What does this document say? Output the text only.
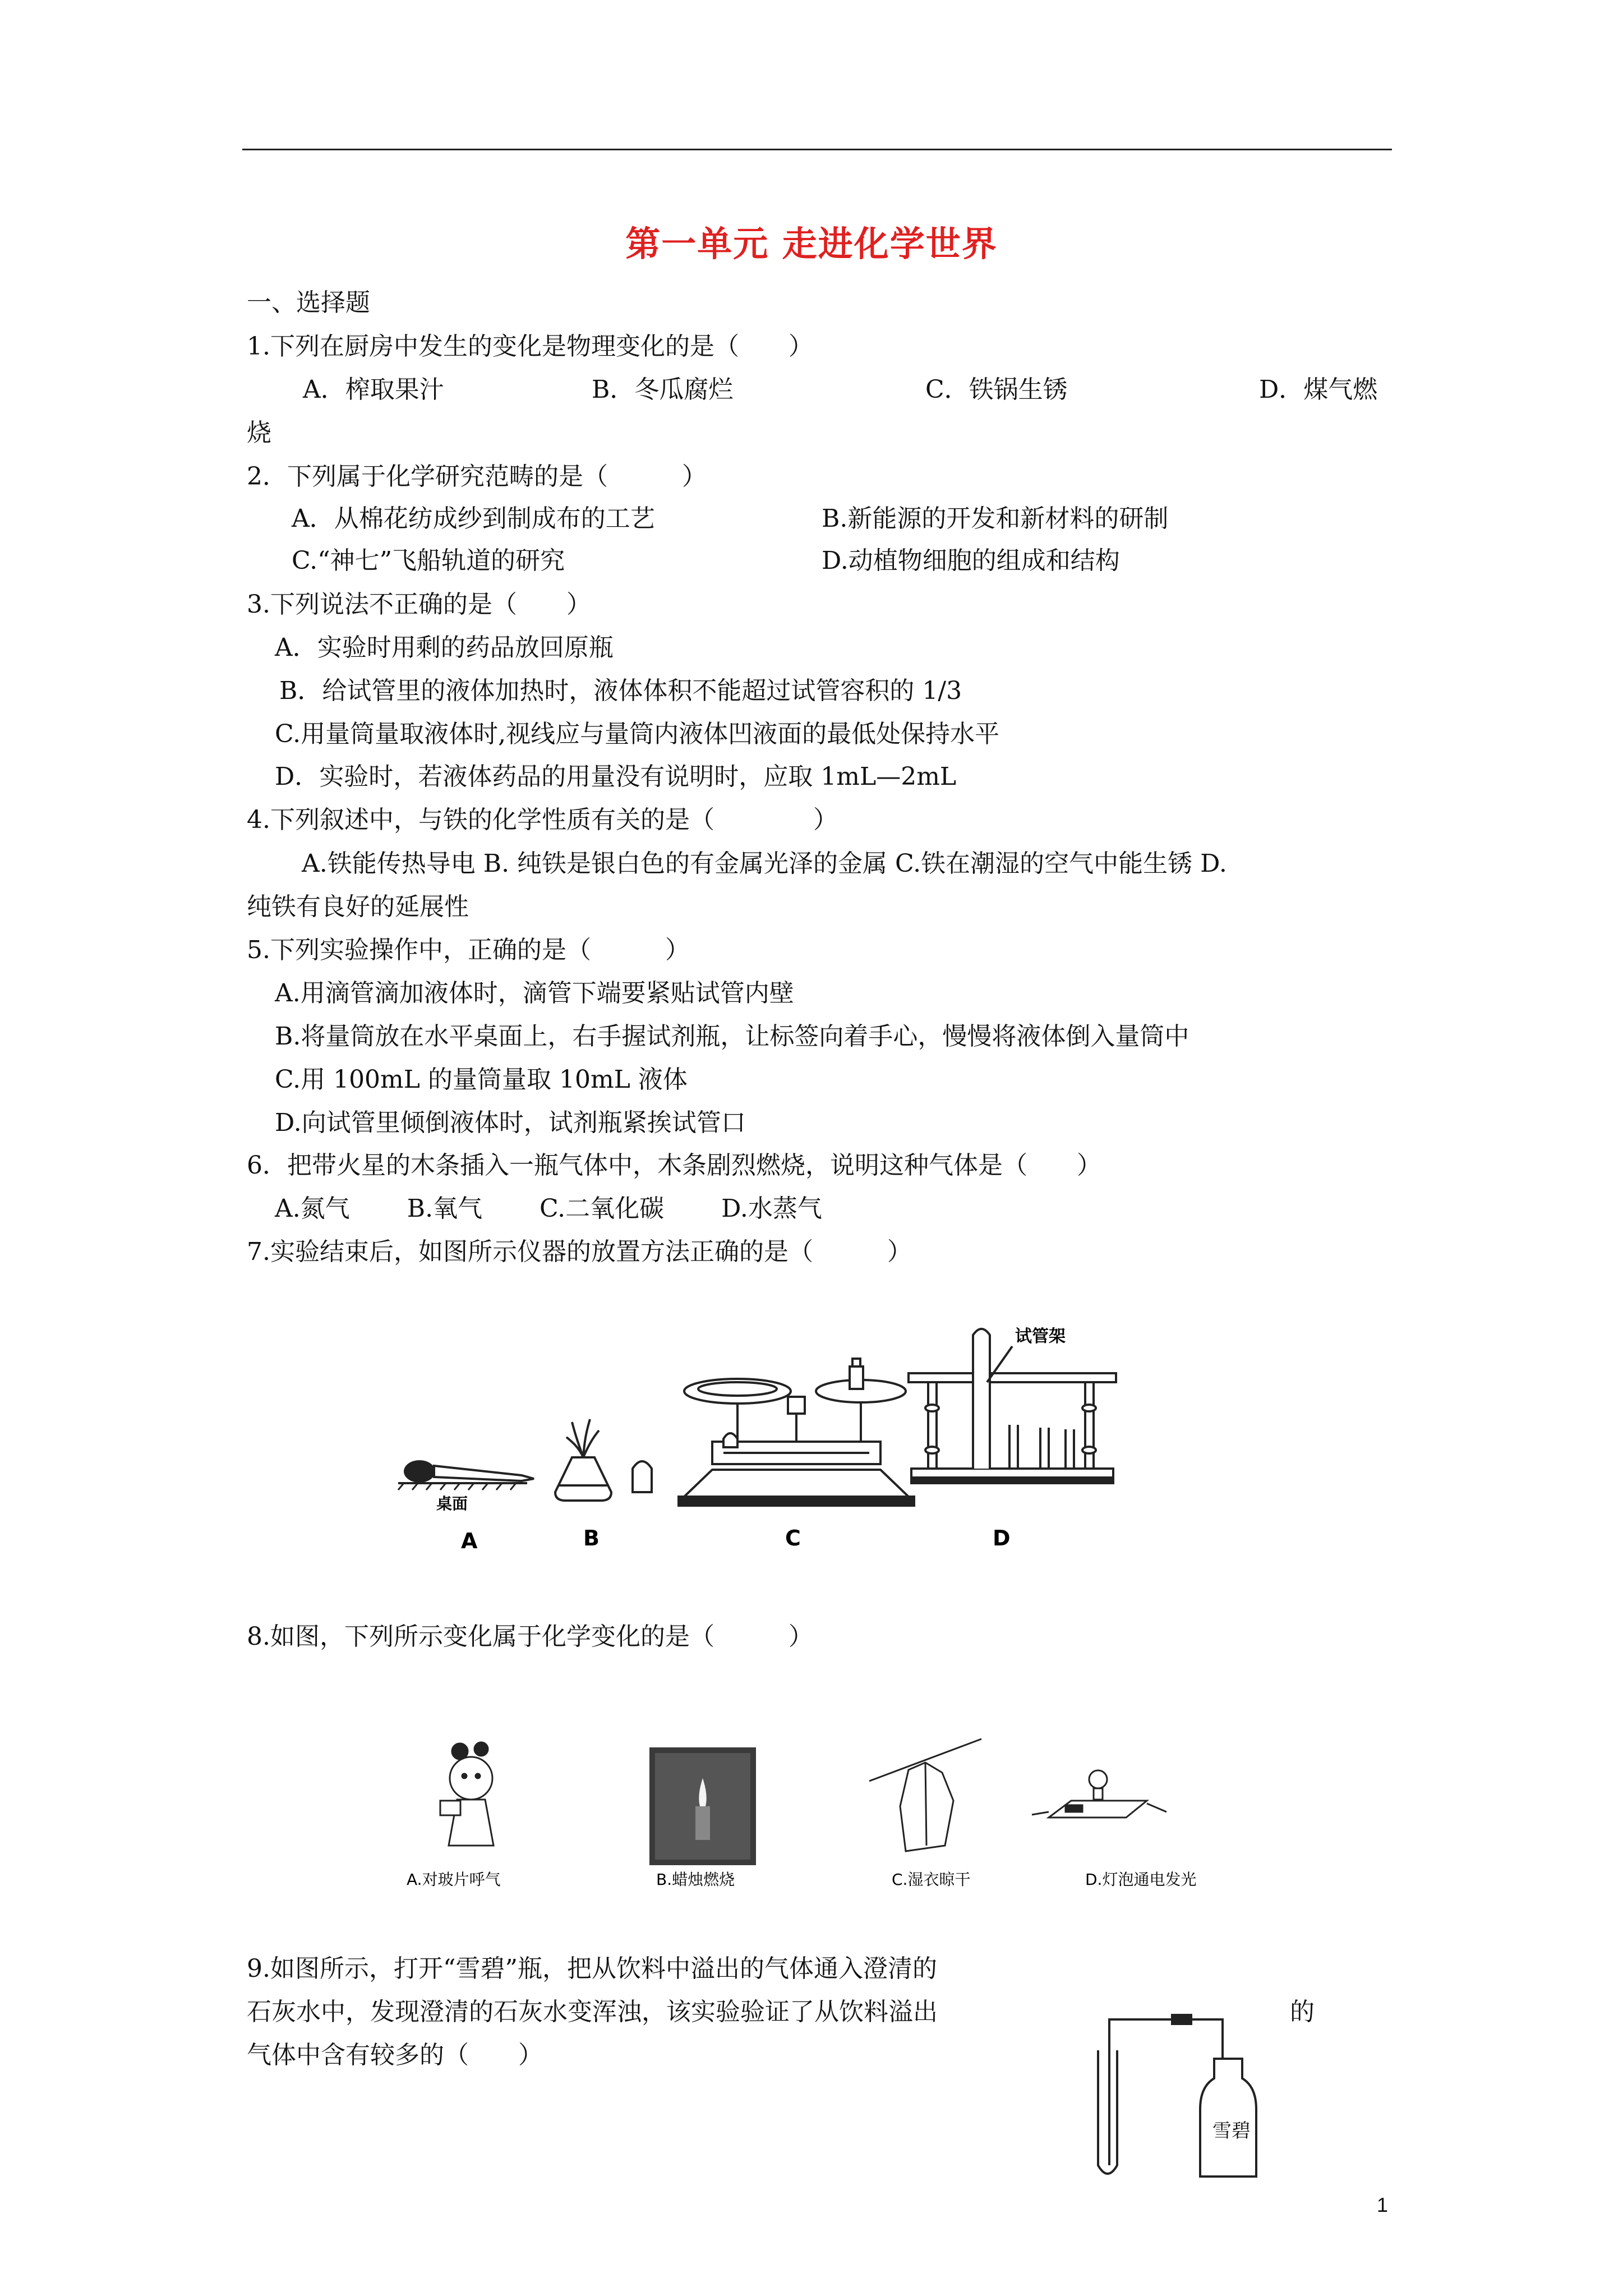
第一单元 走进化学世界
一、选择题
1.下列在厨房中发生的变化是物理变化的是（　　）
A．榨取果汁	B．冬瓜腐烂	C．铁锅生锈	D．煤气燃
烧
2．下列属于化学研究范畴的是（　　　）
A．从棉花纺成纱到制成布的工艺	B.新能源的开发和新材料的研制
C.“神七”飞船轨道的研究	D.动植物细胞的组成和结构
3.下列说法不正确的是（　　）
A．实验时用剩的药品放回原瓶
B．给试管里的液体加热时，液体体积不能超过试管容积的 1/3
C.用量筒量取液体时,视线应与量筒内液体凹液面的最低处保持水平
D．实验时，若液体药品的用量没有说明时，应取 1mL—2mL
4.下列叙述中，与铁的化学性质有关的是（　　　　）
A.铁能传热导电 B. 纯铁是银白色的有金属光泽的金属 C.铁在潮湿的空气中能生锈 D.
纯铁有良好的延展性
5.下列实验操作中，正确的是（　　　）
A.用滴管滴加液体时，滴管下端要紧贴试管内壁
B.将量筒放在水平桌面上，右手握试剂瓶，让标签向着手心，慢慢将液体倒入量筒中
C.用 100mL 的量筒量取 10mL 液体
D.向试管里倾倒液体时，试剂瓶紧挨试管口
6．把带火星的木条插入一瓶气体中，木条剧烈燃烧，说明这种气体是（　　）
A.氮气　　 B.氧气　　 C.二氧化碳　　 D.水蒸气
7.实验结束后，如图所示仪器的放置方法正确的是（　　　）
桌面
A	B	C
试管架
D
8.如图，下列所示变化属于化学变化的是（　　　）
A.对玻片呼气	B.蜡烛燃烧	C.湿衣晾干	D.灯泡通电发光
9.如图所示，打开“雪碧”瓶，把从饮料中溢出的气体通入澄清的
石灰水中，发现澄清的石灰水变浑浊，该实验验证了从饮料溢出	的
气体中含有较多的（　　）
雪碧
1
